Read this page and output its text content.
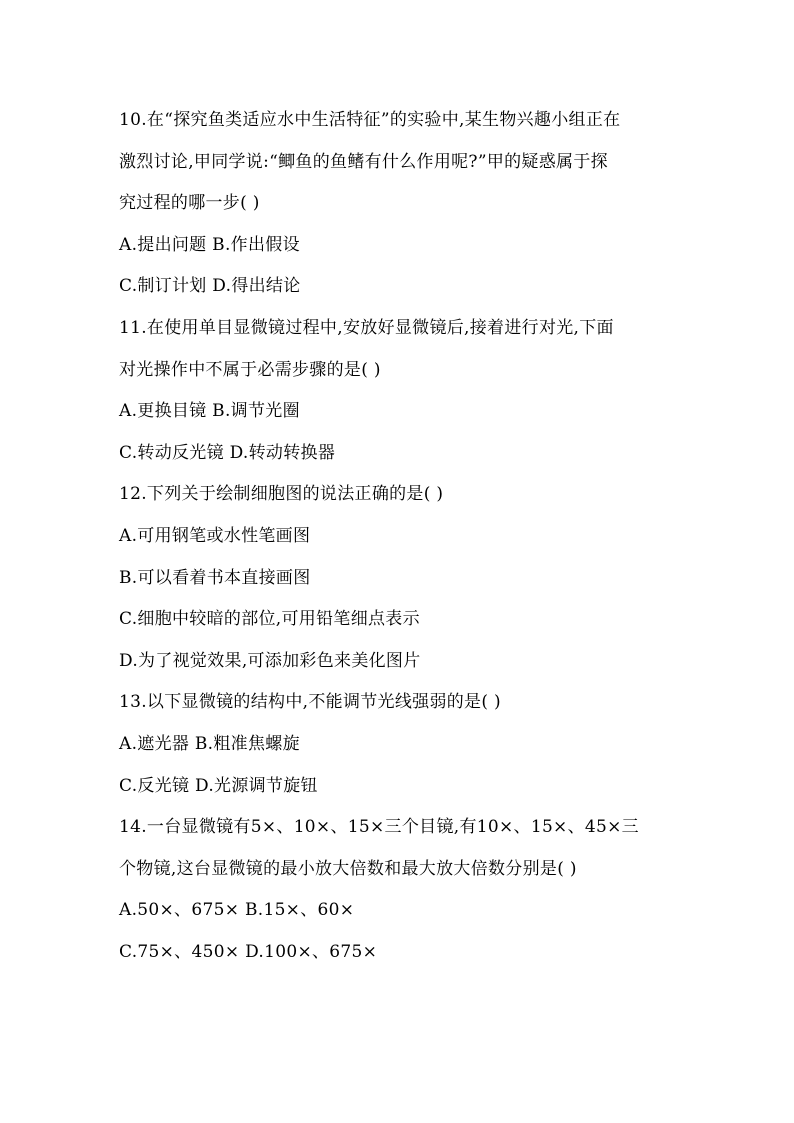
10.在“探究鱼类适应水中生活特征”的实验中,某生物兴趣小组正在
激烈讨论,甲同学说:“鲫鱼的鱼鳍有什么作用呢?”甲的疑惑属于探
究过程的哪一步( )
A.提出问题 B.作出假设
C.制订计划 D.得出结论
11.在使用单目显微镜过程中,安放好显微镜后,接着进行对光,下面
对光操作中不属于必需步骤的是( )
A.更换目镜 B.调节光圈
C.转动反光镜 D.转动转换器
12.下列关于绘制细胞图的说法正确的是( )
A.可用钢笔或水性笔画图
B.可以看着书本直接画图
C.细胞中较暗的部位,可用铅笔细点表示
D.为了视觉效果,可添加彩色来美化图片
13.以下显微镜的结构中,不能调节光线强弱的是( )
A.遮光器 B.粗准焦螺旋
C.反光镜 D.光源调节旋钮
14.一台显微镜有5×、10×、15×三个目镜,有10×、15×、45×三
个物镜,这台显微镜的最小放大倍数和最大放大倍数分别是( )
A.50×、675× B.15×、60×
C.75×、450× D.100×、675×
